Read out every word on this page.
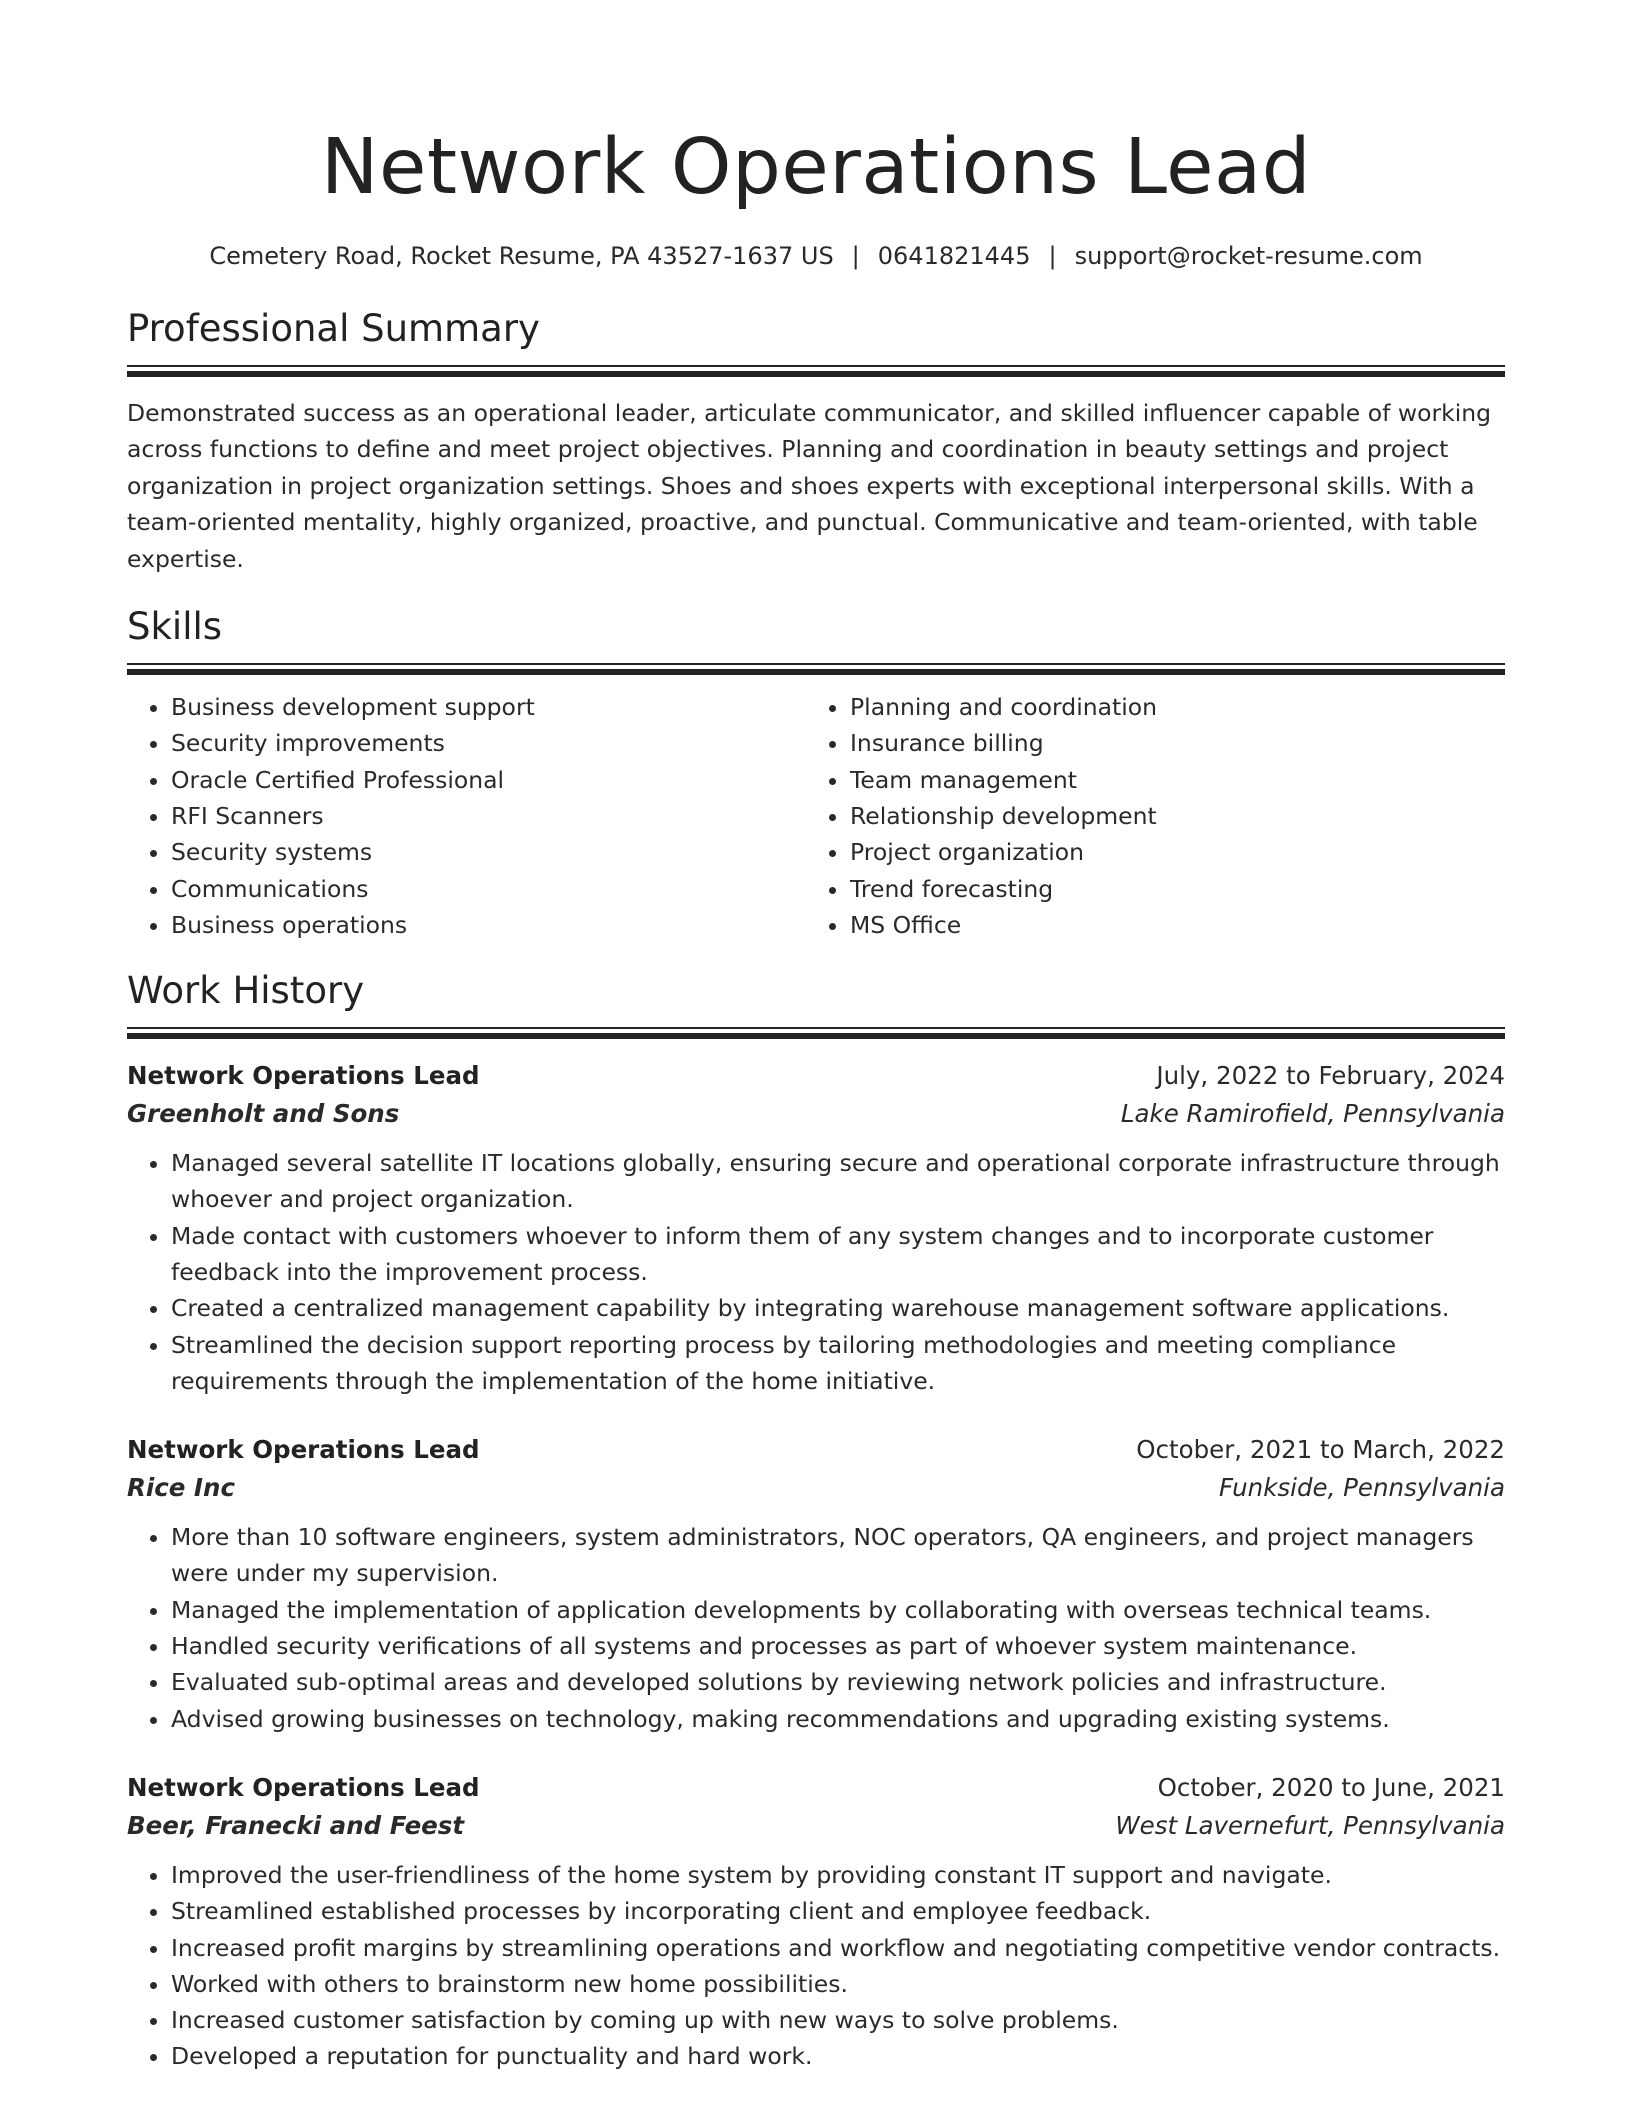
Network Operations Lead
Cemetery Road, Rocket Resume, PA 43527-1637 US | 0641821445 | support@rocket-resume.com
Professional Summary

Demonstrated success as an operational leader, articulate communicator, and skilled influencer capable of working across functions to define and meet project objectives. Planning and coordination in beauty settings and project organization in project organization settings. Shoes and shoes experts with exceptional interpersonal skills. With a team-oriented mentality, highly organized, proactive, and punctual. Communicative and team-oriented, with table expertise.

Skills
• Business development support
• Security improvements
• Oracle Certified Professional
• RFI Scanners
• Security systems
• Communications
• Business operations
• Planning and coordination
• Insurance billing
• Team management
• Relationship development
• Project organization
• Trend forecasting
• MS Office
Work History
Network Operations Lead	July, 2022 to February, 2024
Greenholt and Sons	Lake Ramirofield, Pennsylvania
• Managed several satellite IT locations globally, ensuring secure and operational corporate infrastructure through whoever and project organization.
• Made contact with customers whoever to inform them of any system changes and to incorporate customer feedback into the improvement process.
• Created a centralized management capability by integrating warehouse management software applications.
• Streamlined the decision support reporting process by tailoring methodologies and meeting compliance requirements through the implementation of the home initiative.
Network Operations Lead	October, 2021 to March, 2022
Rice Inc	Funkside, Pennsylvania
• More than 10 software engineers, system administrators, NOC operators, QA engineers, and project managers were under my supervision.
• Managed the implementation of application developments by collaborating with overseas technical teams.
• Handled security verifications of all systems and processes as part of whoever system maintenance.
• Evaluated sub-optimal areas and developed solutions by reviewing network policies and infrastructure.
• Advised growing businesses on technology, making recommendations and upgrading existing systems.
Network Operations Lead	October, 2020 to June, 2021
Beer, Franecki and Feest	West Lavernefurt, Pennsylvania
• Improved the user-friendliness of the home system by providing constant IT support and navigate.
• Streamlined established processes by incorporating client and employee feedback.
• Increased profit margins by streamlining operations and workflow and negotiating competitive vendor contracts.
• Worked with others to brainstorm new home possibilities.
• Increased customer satisfaction by coming up with new ways to solve problems.
• Developed a reputation for punctuality and hard work.
